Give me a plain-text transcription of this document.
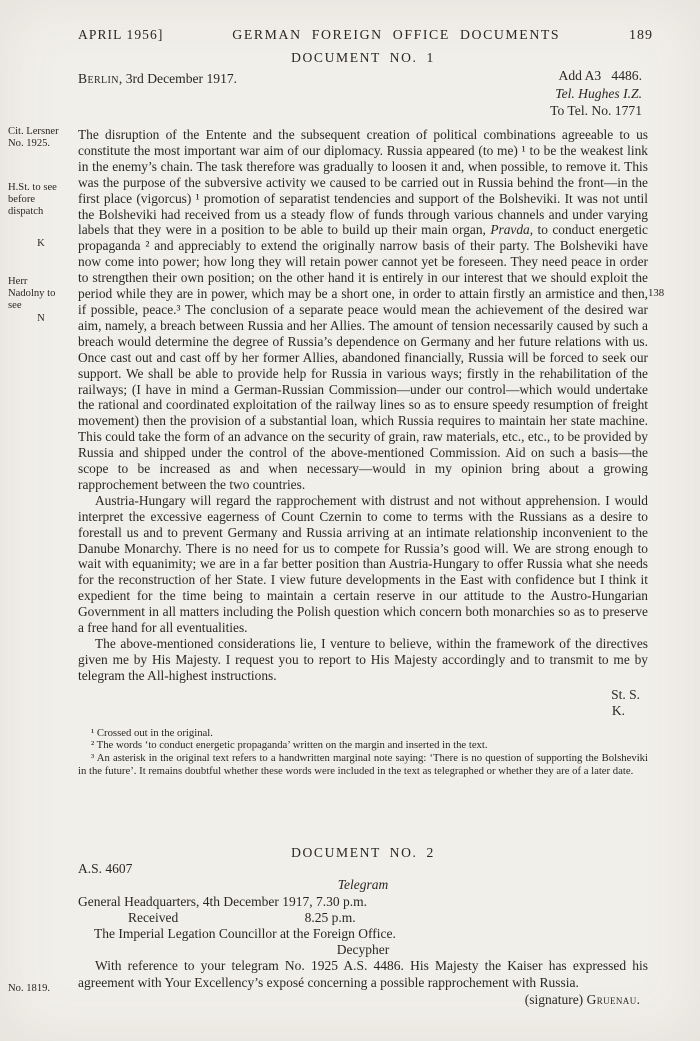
APRIL 1956]	GERMAN FOREIGN OFFICE DOCUMENTS	189
Cit. Lersner No. 1925.
H.St. to see before dispatch
K
Herr Nadolny to see
N
138
No. 1819.

DOCUMENT NO. 1

Berlin, 3rd December 1917.	Add A3   4486.
Tel. Hughes I.Z.
To Tel. No. 1771

The disruption of the Entente and the subsequent creation of political combinations agreeable to us constitute the most important war aim of our diplomacy. Russia appeared (to me) ¹ to be the weakest link in the enemy’s chain. The task therefore was gradually to loosen it and, when possible, to remove it. This was the purpose of the subversive activity we caused to be carried out in Russia behind the front—in the first place (vigorcus) ¹ promotion of separatist tendencies and support of the Bolsheviki. It was not until the Bolsheviki had received from us a steady flow of funds through various channels and under varying labels that they were in a position to be able to build up their main organ, Pravda, to conduct energetic propaganda ² and appreciably to extend the originally narrow basis of their party. The Bolsheviki have now come into power; how long they will retain power cannot yet be foreseen. They need peace in order to strengthen their own position; on the other hand it is entirely in our interest that we should exploit the period while they are in power, which may be a short one, in order to attain firstly an armistice and then, if possible, peace.³ The conclusion of a separate peace would mean the achievement of the desired war aim, namely, a breach between Russia and her Allies. The amount of tension necessarily caused by such a breach would determine the degree of Russia’s dependence on Germany and her future relations with us. Once cast out and cast off by her former Allies, abandoned financially, Russia will be forced to seek our support. We shall be able to provide help for Russia in various ways; firstly in the rehabilitation of the railways; (I have in mind a German-Russian Commission—under our control—which would undertake the rational and coordinated exploitation of the railway lines so as to ensure speedy resumption of freight movement) then the provision of a substantial loan, which Russia requires to maintain her state machine. This could take the form of an advance on the security of grain, raw materials, etc., etc., to be provided by Russia and shipped under the control of the above-mentioned Commission. Aid on such a basis—the scope to be increased as and when necessary—would in my opinion bring about a growing rapprochement between the two countries.

Austria-Hungary will regard the rapprochement with distrust and not without apprehension. I would interpret the excessive eagerness of Count Czernin to come to terms with the Russians as a desire to forestall us and to prevent Germany and Russia arriving at an intimate relationship inconvenient to the Danube Monarchy. There is no need for us to compete for Russia’s good will. We are strong enough to wait with equanimity; we are in a far better position than Austria-Hungary to offer Russia what she needs for the reconstruction of her State. I view future developments in the East with confidence but I think it expedient for the time being to maintain a certain reserve in our attitude to the Austro-Hungarian Government in all matters including the Polish question which concern both monarchies so as to preserve a free hand for all eventualities.

The above-mentioned considerations lie, I venture to believe, within the framework of the directives given me by His Majesty. I request you to report to His Majesty accordingly and to transmit to me by telegram the All-highest instructions.

St. S.
K.

¹ Crossed out in the original.

² The words ‘to conduct energetic propaganda’ written on the margin and inserted in the text.

³ An asterisk in the original text refers to a handwritten marginal note saying: ‘There is no question of supporting the Bolsheviki in the future’. It remains doubtful whether these words were included in the text as telegraphed or whether they are of a later date.

DOCUMENT NO. 2

A.S. 4607
Telegram
General Headquarters, 4th December 1917, 7.30 p.m.
Received	8.25 p.m.
The Imperial Legation Councillor at the Foreign Office.
Decypher

With reference to your telegram No. 1925 A.S. 4486. His Majesty the Kaiser has expressed his agreement with Your Excellency’s exposé concerning a possible rapprochement with Russia.

(signature) Gruenau.
